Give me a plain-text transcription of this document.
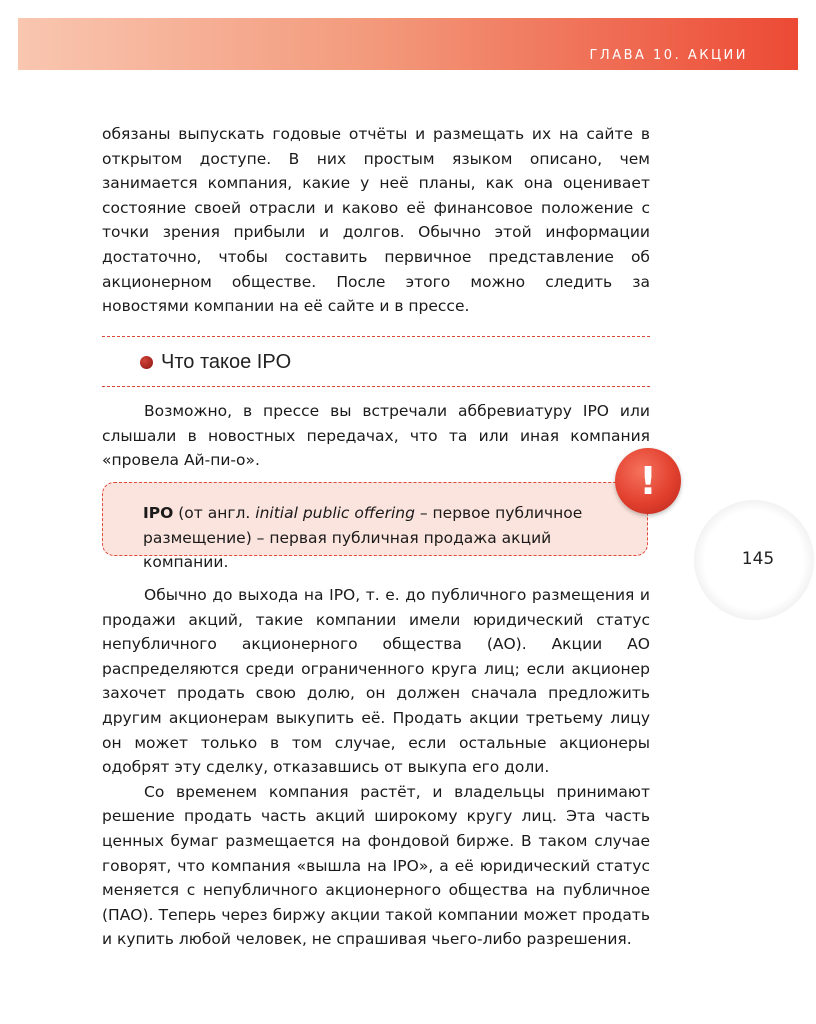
ГЛАВА 10. АКЦИИ

обязаны выпускать годовые отчёты и размещать их на сайте в открытом доступе. В них простым языком описано, чем занимается компания, какие у неё планы, как она оценивает состояние своей отрасли и каково её финансовое положение с точки зрения прибыли и долгов. Обычно этой информации достаточно, чтобы составить первичное представление об акционерном обществе. После этого можно следить за новостями компании на её сайте и в прессе.

Что такое IPO

Возможно, в прессе вы встречали аббревиатуру IPO или слышали в новостных передачах, что та или иная компания «провела Ай-пи-о».

IPO (от англ. initial public offering – первое публичное размещение) – первая публичная продажа акций компании.
!
145

Обычно до выхода на IPO, т. е. до публичного размещения и продажи акций, такие компании имели юридический статус непубличного акционерного общества (АО). Акции АО распределяются среди ограниченного круга лиц; если акционер захочет продать свою долю, он должен сначала предложить другим акционерам выкупить её. Продать акции третьему лицу он может только в том случае, если остальные акционеры одобрят эту сделку, отказавшись от выкупа его доли.

Со временем компания растёт, и владельцы принимают решение продать часть акций широкому кругу лиц. Эта часть ценных бумаг размещается на фондовой бирже. В таком случае говорят, что компания «вышла на IPO», а её юридический статус меняется с непубличного акционерного общества на публичное (ПАО). Теперь через биржу акции такой компании может продать и купить любой человек, не спрашивая чьего-либо разрешения.
